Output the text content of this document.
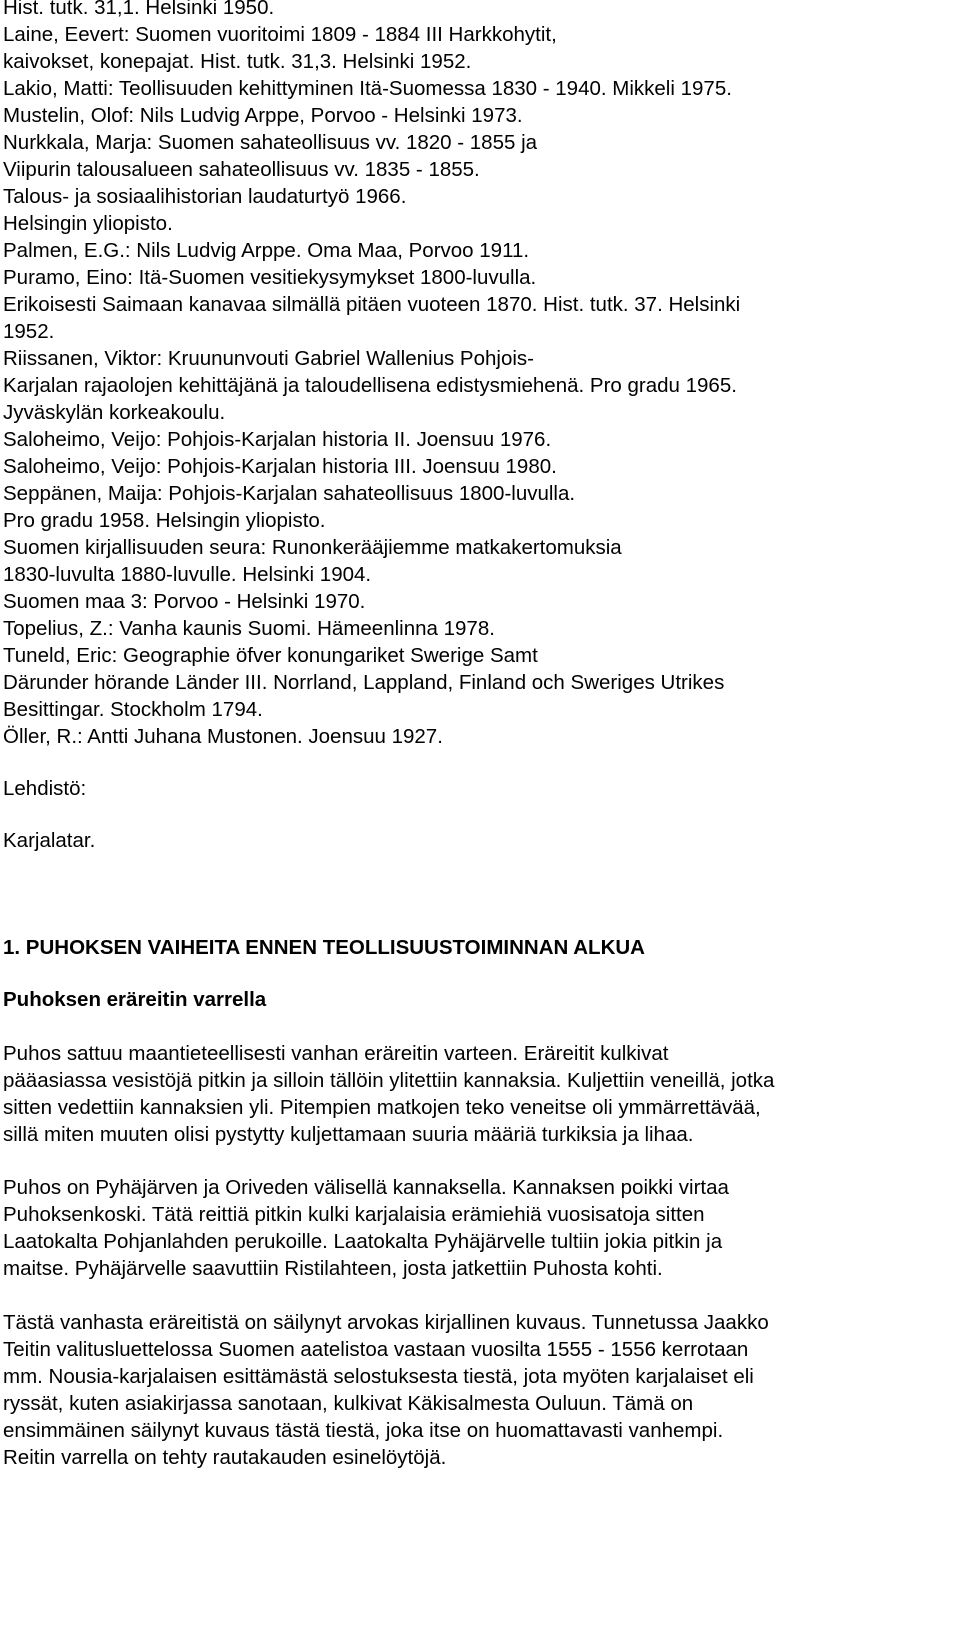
Hist. tutk. 31,1. Helsinki 1950.
Laine, Eevert: Suomen vuoritoimi 1809 - 1884 III Harkkohytit,
kaivokset, konepajat. Hist. tutk. 31,3. Helsinki 1952.
Lakio, Matti: Teollisuuden kehittyminen Itä-Suomessa 1830 - 1940. Mikkeli 1975.
Mustelin, Olof: Nils Ludvig Arppe, Porvoo - Helsinki 1973.
Nurkkala, Marja: Suomen sahateollisuus vv. 1820 - 1855 ja
Viipurin talousalueen sahateollisuus vv. 1835 - 1855.
Talous- ja sosiaalihistorian laudaturtyö 1966.
Helsingin yliopisto.
Palmen, E.G.: Nils Ludvig Arppe. Oma Maa, Porvoo 1911.
Puramo, Eino: Itä-Suomen vesitiekysymykset 1800-luvulla.
Erikoisesti Saimaan kanavaa silmällä pitäen vuoteen 1870. Hist. tutk. 37. Helsinki
1952.
Riissanen, Viktor: Kruununvouti Gabriel Wallenius Pohjois-
Karjalan rajaolojen kehittäjänä ja taloudellisena edistysmiehenä. Pro gradu 1965.
Jyväskylän korkeakoulu.
Saloheimo, Veijo: Pohjois-Karjalan historia II. Joensuu 1976.
Saloheimo, Veijo: Pohjois-Karjalan historia III. Joensuu 1980.
Seppänen, Maija: Pohjois-Karjalan sahateollisuus 1800-luvulla.
Pro gradu 1958. Helsingin yliopisto.
Suomen kirjallisuuden seura: Runonkerääjiemme matkakertomuksia
1830-luvulta 1880-luvulle. Helsinki 1904.
Suomen maa 3: Porvoo - Helsinki 1970.
Topelius, Z.: Vanha kaunis Suomi. Hämeenlinna 1978.
Tuneld, Eric: Geographie öfver konungariket Swerige Samt
Därunder hörande Länder III. Norrland, Lappland, Finland och Sweriges Utrikes
Besittingar. Stockholm 1794.
Öller, R.: Antti Juhana Mustonen. Joensuu 1927.
Lehdistö:
Karjalatar.
1. PUHOKSEN VAIHEITA ENNEN TEOLLISUUSTOIMINNAN ALKUA
Puhoksen eräreitin varrella
Puhos sattuu maantieteellisesti vanhan eräreitin varteen. Eräreitit kulkivat
pääasiassa vesistöjä pitkin ja silloin tällöin ylitettiin kannaksia. Kuljettiin veneillä, jotka
sitten vedettiin kannaksien yli. Pitempien matkojen teko veneitse oli ymmärrettävää,
sillä miten muuten olisi pystytty kuljettamaan suuria määriä turkiksia ja lihaa.
Puhos on Pyhäjärven ja Oriveden välisellä kannaksella. Kannaksen poikki virtaa
Puhoksenkoski. Tätä reittiä pitkin kulki karjalaisia erämiehiä vuosisatoja sitten
Laatokalta Pohjanlahden perukoille. Laatokalta Pyhäjärvelle tultiin jokia pitkin ja
maitse. Pyhäjärvelle saavuttiin Ristilahteen, josta jatkettiin Puhosta kohti.
Tästä vanhasta eräreitistä on säilynyt arvokas kirjallinen kuvaus. Tunnetussa Jaakko
Teitin valitusluettelossa Suomen aatelistoa vastaan vuosilta 1555 - 1556 kerrotaan
mm. Nousia-karjalaisen esittämästä selostuksesta tiestä, jota myöten karjalaiset eli
ryssät, kuten asiakirjassa sanotaan, kulkivat Käkisalmesta Ouluun. Tämä on
ensimmäinen säilynyt kuvaus tästä tiestä, joka itse on huomattavasti vanhempi.
Reitin varrella on tehty rautakauden esinelöytöjä.
